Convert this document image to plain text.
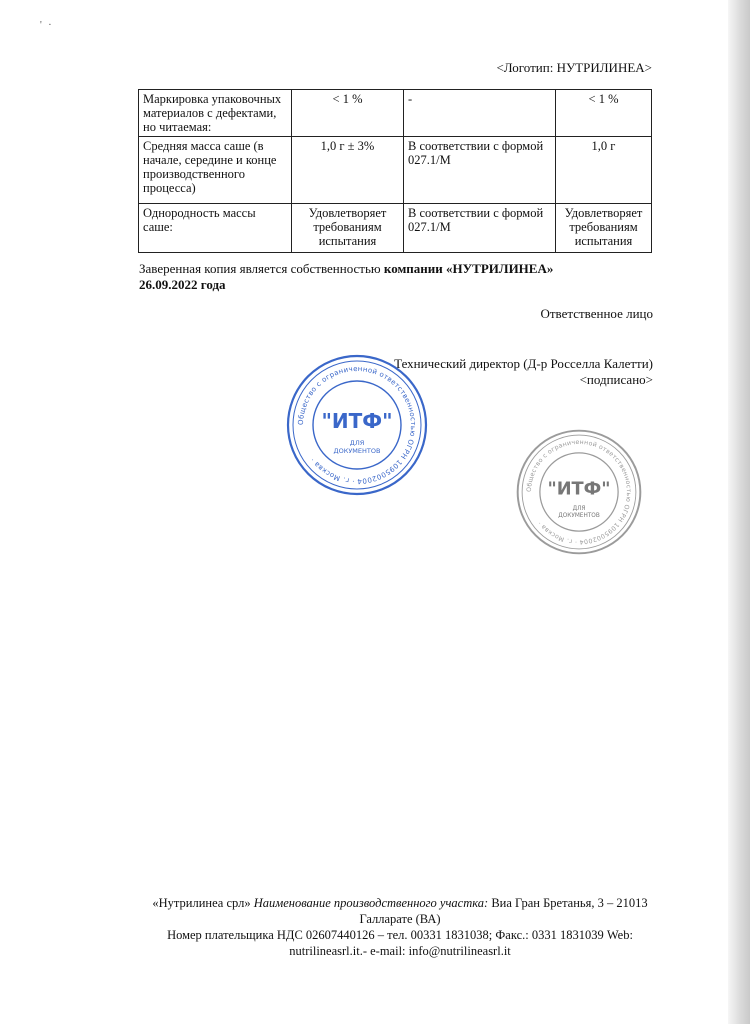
' ·
<Логотип: НУТРИЛИНЕА>
Маркировка упаковочных материалов с дефектами, но читаемая:	< 1 %	-	< 1 %
Средняя масса саше (в начале, середине и конце производственного процесса)	1,0 г ± 3%	В соответствии с формой 027.1/М	1,0 г
Однородность массы саше:	Удовлетворяет требованиям испытания	В соответствии с формой 027.1/М	Удовлетворяет требованиям испытания
Заверенная копия является собственностью компании «НУТРИЛИНЕА»
26.09.2022 года
Ответственное лицо
Технический директор (Д-р Росселла Калетти)
<подписано>
Общество с ограниченной ответственностью ОГРН 1095002004 · г. Москва ·
"ИТФ"
ДЛЯ
ДОКУМЕНТОВ
Общество с ограниченной ответственностью ОГРН 1095002004 · г. Москва ·
"ИТФ"
ДЛЯ
ДОКУМЕНТОВ
«Нутрилинеа срл» Наименование производственного участка: Виа Гран Бретанья, 3 – 21013
Галларате (ВА)
Номер плательщика НДС 02607440126 – тел. 00331 1831038; Факс.: 0331 1831039 Web:
nutrilineasrl.it.- e-mail: info@nutrilineasrl.it
